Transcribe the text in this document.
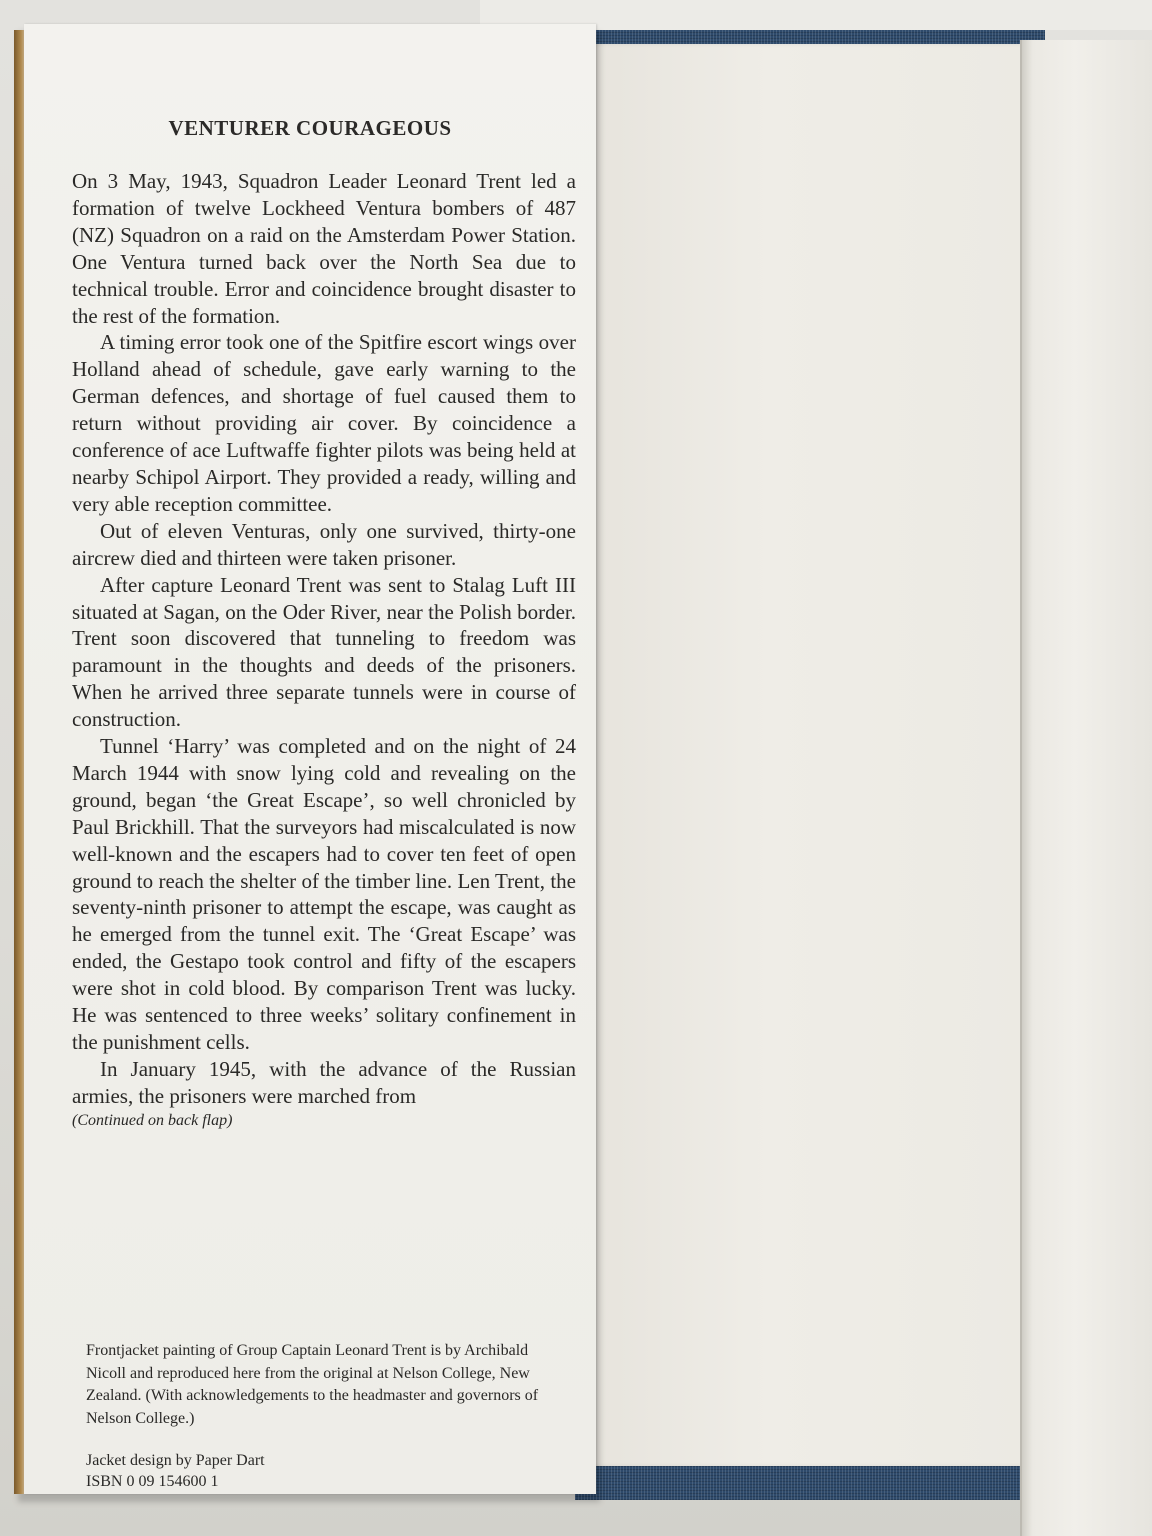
VENTURER COURAGEOUS

On 3 May, 1943, Squadron Leader Leonard Trent led a formation of twelve Lockheed Ventura bombers of 487 (NZ) Squadron on a raid on the Amsterdam Power Station. One Ventura turned back over the North Sea due to technical trouble. Error and coincidence brought disaster to the rest of the formation.

A timing error took one of the Spitfire escort wings over Holland ahead of schedule, gave early warning to the German defences, and shortage of fuel caused them to return without providing air cover. By coincidence a conference of ace Luftwaffe fighter pilots was being held at nearby Schipol Airport. They provided a ready, willing and very able reception committee.

Out of eleven Venturas, only one survived, thirty-one aircrew died and thirteen were taken prisoner.

After capture Leonard Trent was sent to Stalag Luft III situated at Sagan, on the Oder River, near the Polish border. Trent soon discovered that tunneling to freedom was paramount in the thoughts and deeds of the prisoners. When he arrived three separate tunnels were in course of construction.

Tunnel ‘Harry’ was completed and on the night of 24 March 1944 with snow lying cold and revealing on the ground, began ‘the Great Escape’, so well chronicled by Paul Brickhill. That the surveyors had miscalculated is now well-known and the escapers had to cover ten feet of open ground to reach the shelter of the timber line. Len Trent, the seventy-ninth prisoner to attempt the escape, was caught as he emerged from the tunnel exit. The ‘Great Escape’ was ended, the Gestapo took control and fifty of the escapers were shot in cold blood. By comparison Trent was lucky. He was sentenced to three weeks’ solitary confinement in the punishment cells.

In January 1945, with the advance of the Russian armies, the prisoners were marched from

(Continued on back flap)

Frontjacket painting of Group Captain Leonard Trent is by Archibald Nicoll and reproduced here from the original at Nelson College, New Zealand. (With acknowledgements to the headmaster and governors of Nelson College.)

Jacket design by Paper Dart
ISBN 0 09 154600 1
